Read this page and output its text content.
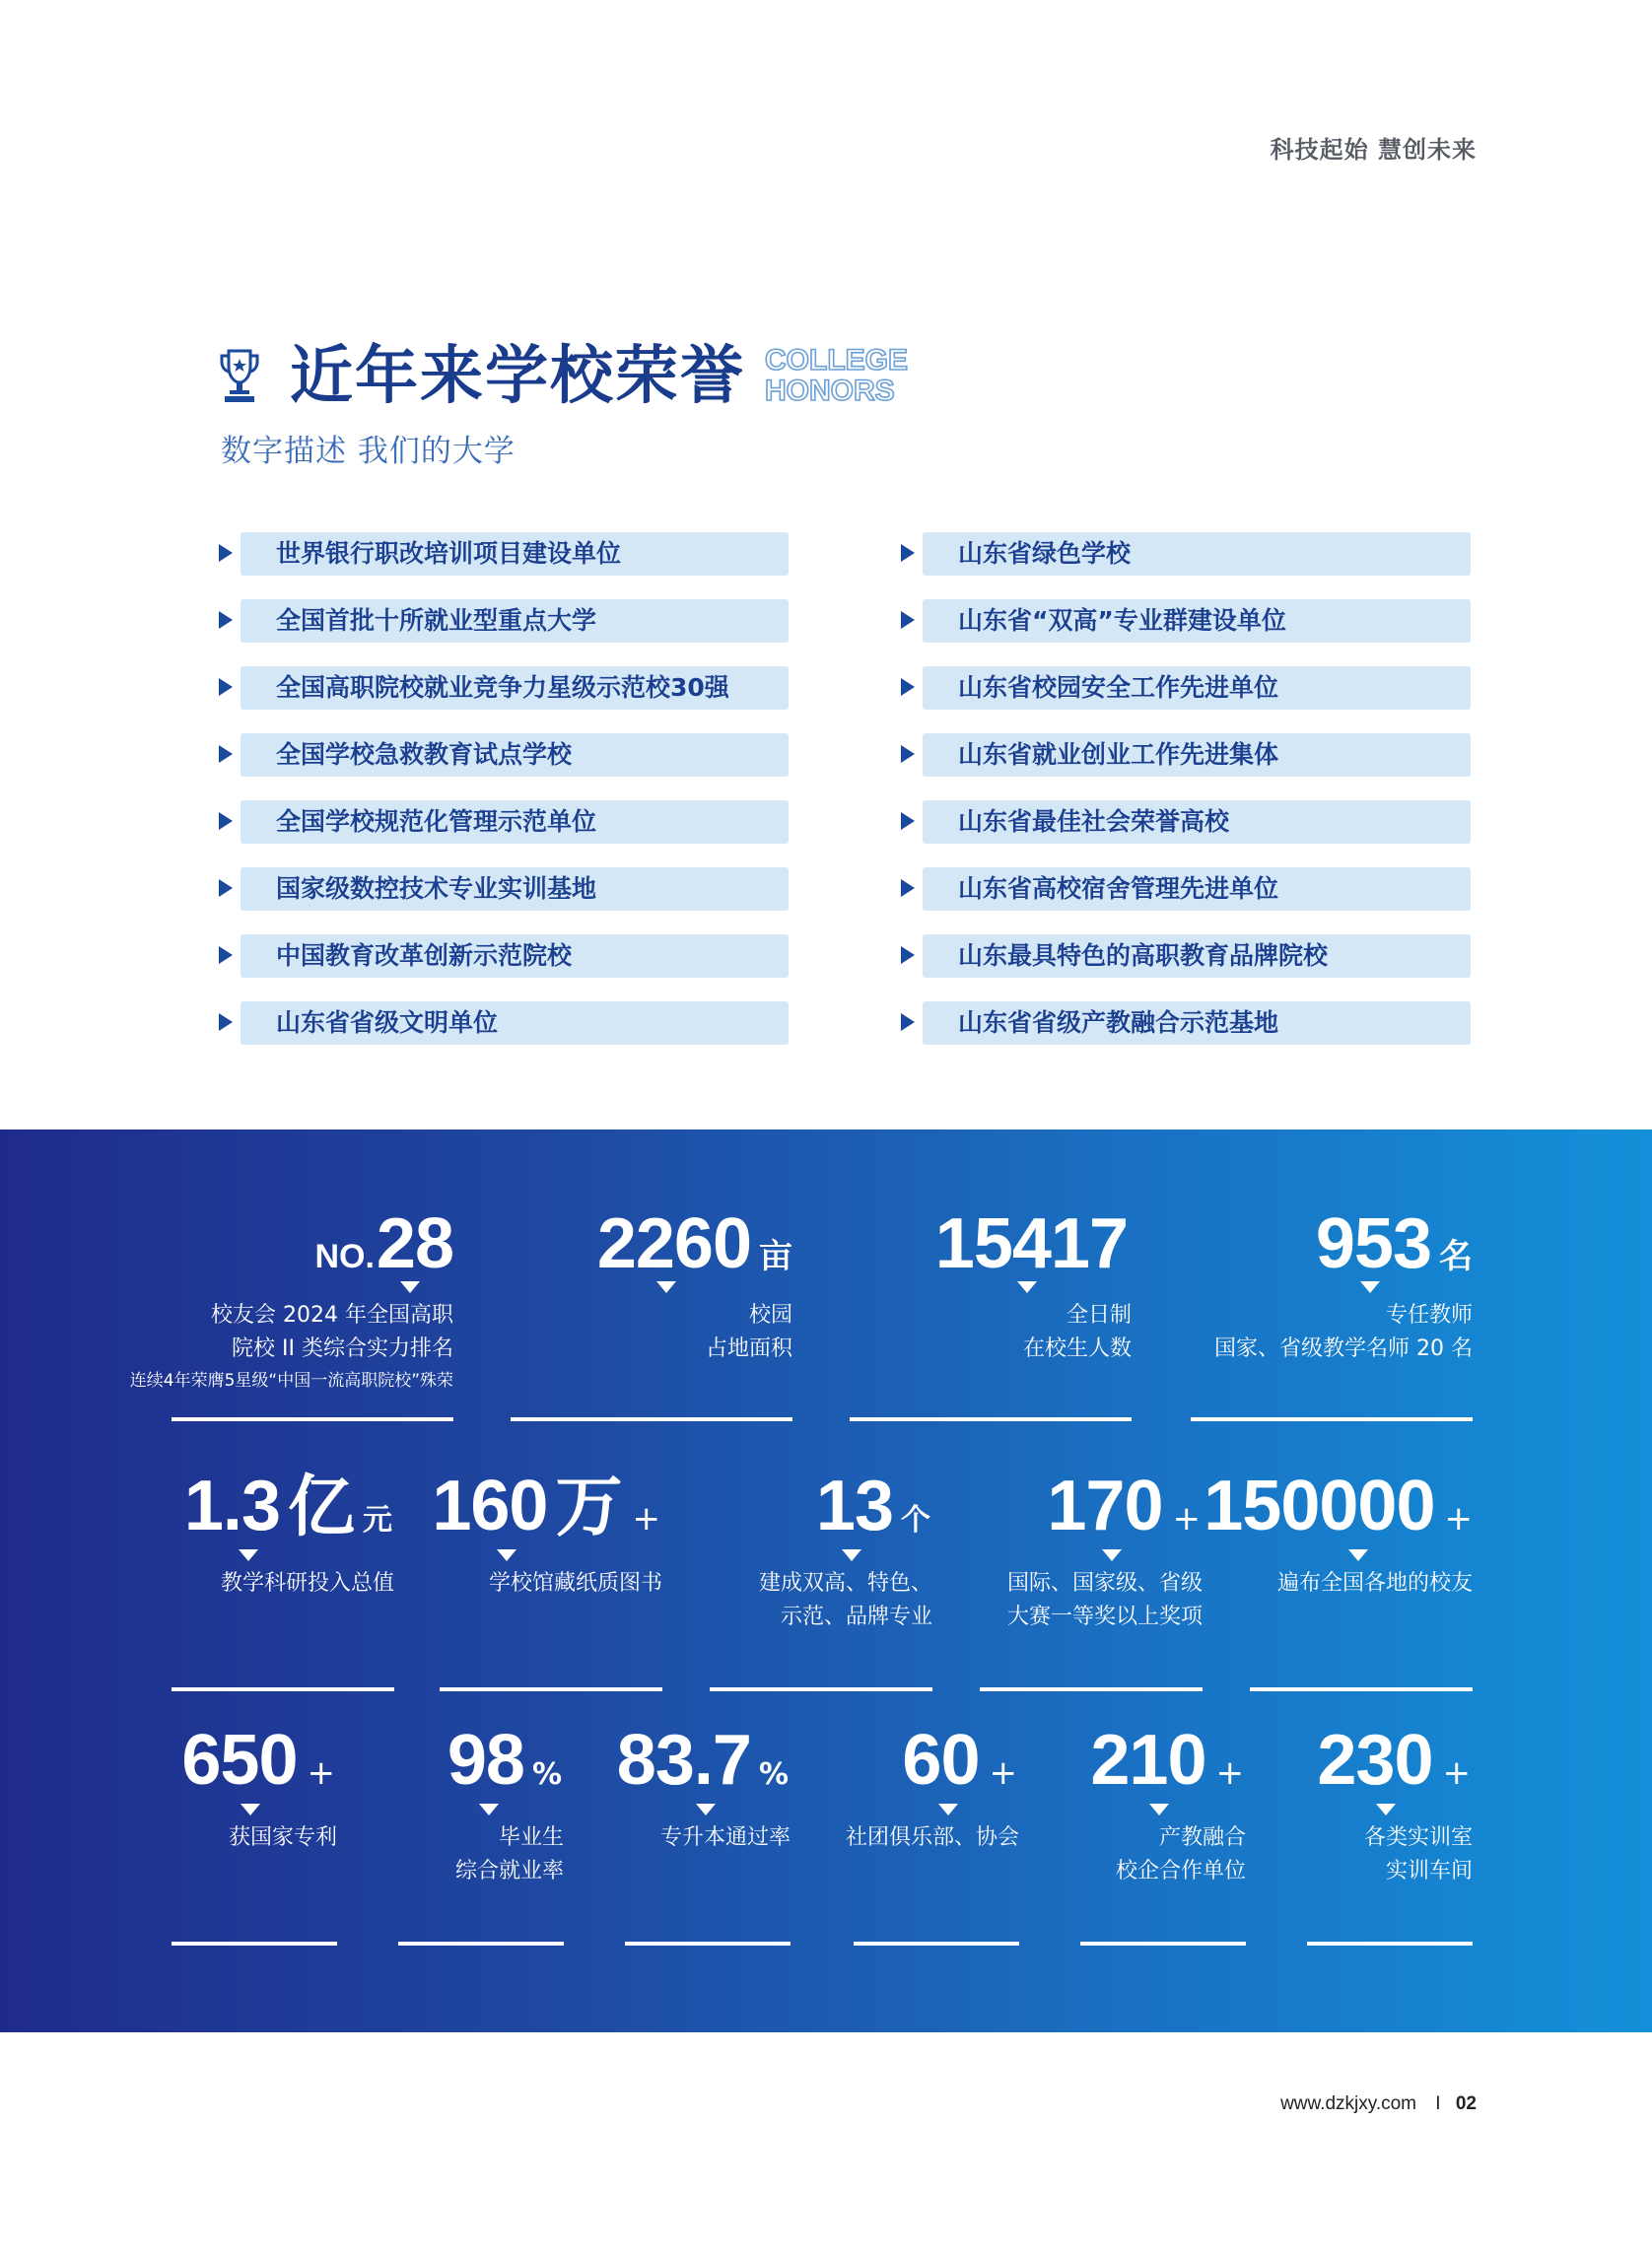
科技起始 慧创未来
近年来学校荣誉 COLLEGE
HONORS
数字描述 我们的大学
世界银行职改培训项目建设单位
全国首批十所就业型重点大学
全国高职院校就业竞争力星级示范校30强
全国学校急救教育试点学校
全国学校规范化管理示范单位
国家级数控技术专业实训基地
中国教育改革创新示范院校
山东省省级文明单位
山东省绿色学校
山东省“双高”专业群建设单位
山东省校园安全工作先进单位
山东省就业创业工作先进集体
山东省最佳社会荣誉高校
山东省高校宿舍管理先进单位
山东最具特色的高职教育品牌院校
山东省省级产教融合示范基地
NO. 28
校友会 2024 年全国高职
院校 II 类综合实力排名
连续4年荣膺5星级“中国一流高职院校”殊荣
2260 亩
校园
占地面积
15417
全日制
在校生人数
953 名
专任教师
国家、省级教学名师 20 名
1.3 亿 元
教学科研投入总值
160 万 +
学校馆藏纸质图书
13 个
建成双高、特色、
示范、品牌专业
170 +
国际、国家级、省级
大赛一等奖以上奖项
150000 +
遍布全国各地的校友
650 +
获国家专利
98 %
毕业生
综合就业率
83.7 %
专升本通过率
60 +
社团俱乐部、协会
210 +
产教融合
校企合作单位
230 +
各类实训室
实训车间
www.dzkjxy.com I 02
